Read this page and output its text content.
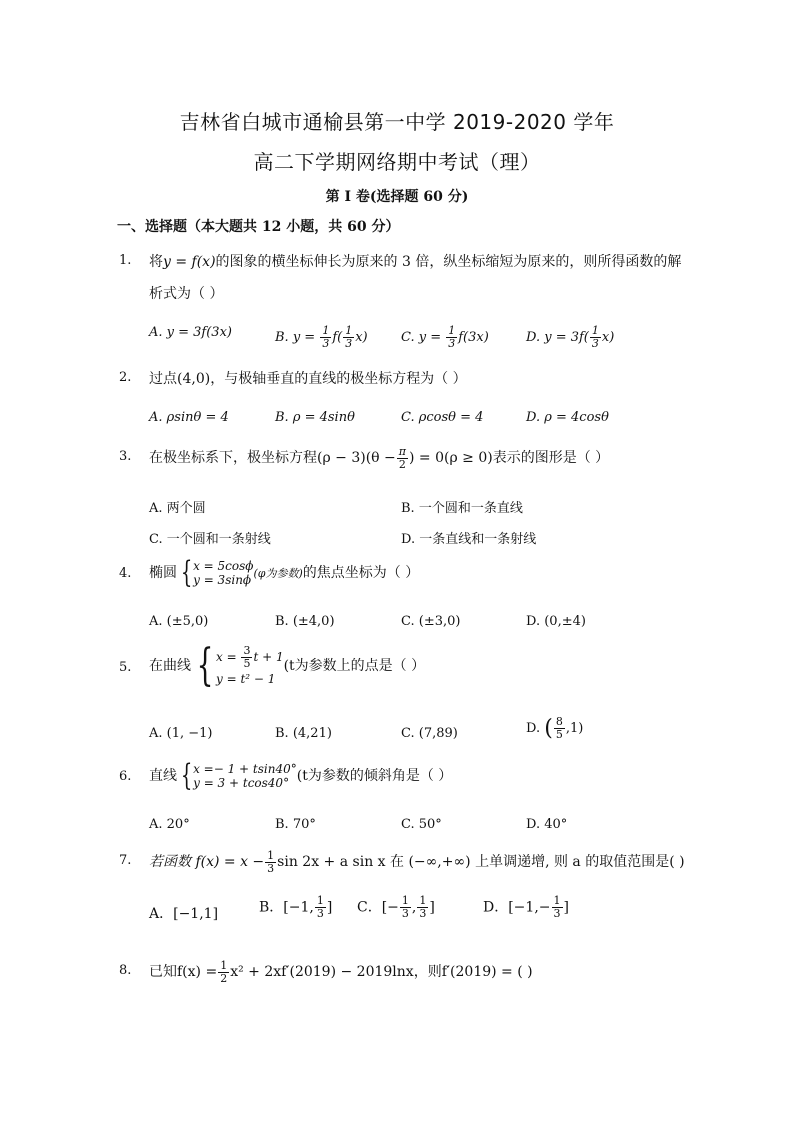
吉林省白城市通榆县第一中学 2019-2020 学年
高二下学期网络期中考试（理）
第 I 卷(选择题 60 分)
一、选择题（本大题共 12 小题，共 60 分）
1.	将y = f(x)的图象的横坐标伸长为原来的 3 倍，纵坐标缩短为原来的，则所得函数的解
析式为（ ）
A. y = 3f(3x)	B. $y = \frac{1}{3} f( \frac{1}{3} x)$	C. $y = \frac{1}{3} f(3x)$	D. $y = 3f( \frac{1}{3} x)$
2.	过点(4,0)，与极轴垂直的直线的极坐标方程为（ ）
A. ρsinθ = 4	B. ρ = 4sinθ	C. ρcosθ = 4	D. ρ = 4cosθ
3.	在极坐标系下，极坐标方程$(\rho - 3)(\theta - \frac{\pi}{2}$ ) = 0(ρ ≥ 0)表示的图形是（ ）
A. 两个圆	B. 一个圆和一条直线
C. 一个圆和一条射线	D. 一条直线和一条射线
4.	椭圆 {x = 5cosϕ
y = 3sinϕ (φ为参数)的焦点坐标为（ ）
A. (±5,0)	B. (±4,0)	C. (±3,0)	D. (0,±4)
5.	在曲线 { $x = \frac{3}{5}$ t + 1
y = t² − 1(t为参数上的点是（ ）
A. (1, −1)	B. (4,21)	C. (7,89)	D. ( $\frac{8}{5} ,1$)
6.	直线 {x =− 1 + tsin40°
y = 3 + tcos40° (t为参数的倾斜角是（ ）
A. 20°	B. 70°	C. 50°	D. 40°
7.	若函数 $f(x) = x - \frac{1}{3}$ sin 2x + a sin x 在 (−∞,+∞) 上单调递增, 则 a 的取值范围是( )
A．[−1,1]	B．[−1, $\frac{1}{3}$ ] C．[− $\frac{1}{3}$ , $\frac{1}{3}$ ]	D．[$-1,- \frac{1}{3}$ ]
8.	已知$f(x) = \frac{1}{2} x^2 + 2xf'(2019) - 2019\ln x$，则f′(2019) = ( )
